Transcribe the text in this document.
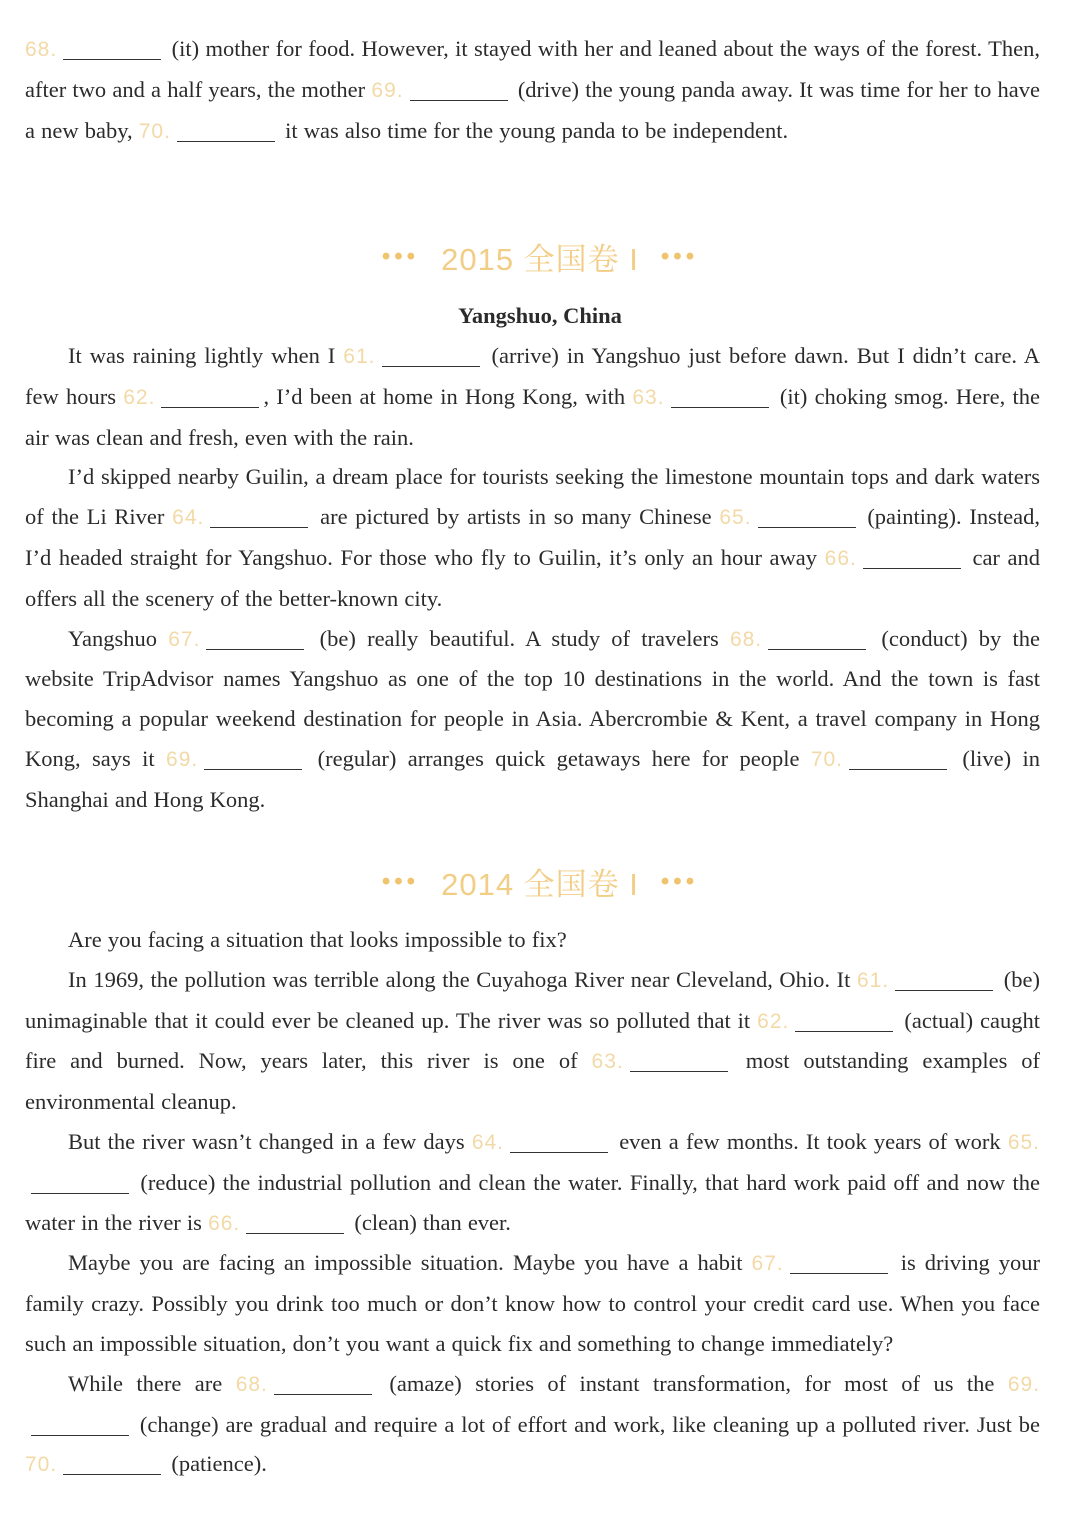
68.	(it) mother for food. However, it stayed with her and leaned about the ways of the forest. Then, after two and a half years, the mother 69.	(drive) the young panda away. It was time for her to have a new baby, 70.	it was also time for the young panda to be independent.

••• 2015 全国卷 I •••

Yangshuo, China

It was raining lightly when I 61.	(arrive) in Yangshuo just before dawn. But I didn’t care. A few hours 62.	, I’d been at home in Hong Kong, with 63.	(it) choking smog. Here, the air was clean and fresh, even with the rain.

I’d skipped nearby Guilin, a dream place for tourists seeking the limestone mountain tops and dark waters of the Li River 64.	are pictured by artists in so many Chinese 65.	(painting). Instead, I’d headed straight for Yangshuo. For those who fly to Guilin, it’s only an hour away 66.	car and offers all the scenery of the better-known city.

Yangshuo 67.	(be) really beautiful. A study of travelers 68.	(conduct) by the website TripAdvisor names Yangshuo as one of the top 10 destinations in the world. And the town is fast becoming a popular weekend destination for people in Asia. Abercrombie & Kent, a travel company in Hong Kong, says it 69.	(regular) arranges quick getaways here for people 70.	(live) in Shanghai and Hong Kong.

••• 2014 全国卷 I •••

Are you facing a situation that looks impossible to fix?

In 1969, the pollution was terrible along the Cuyahoga River near Cleveland, Ohio. It 61.	(be) unimaginable that it could ever be cleaned up. The river was so polluted that it 62.	(actual) caught fire and burned. Now, years later, this river is one of 63.	most outstanding examples of environmental cleanup.

But the river wasn’t changed in a few days 64.	even a few months. It took years of work 65. (reduce) the industrial pollution and clean the water. Finally, that hard work paid off and now the water in the river is 66.	(clean) than ever.

Maybe you are facing an impossible situation. Maybe you have a habit 67.	is driving your family crazy. Possibly you drink too much or don’t know how to control your credit card use. When you face such an impossible situation, don’t you want a quick fix and something to change immediately?

While there are 68.	(amaze) stories of instant transformation, for most of us the 69. (change) are gradual and require a lot of effort and work, like cleaning up a polluted river. Just be 70.	(patience).
